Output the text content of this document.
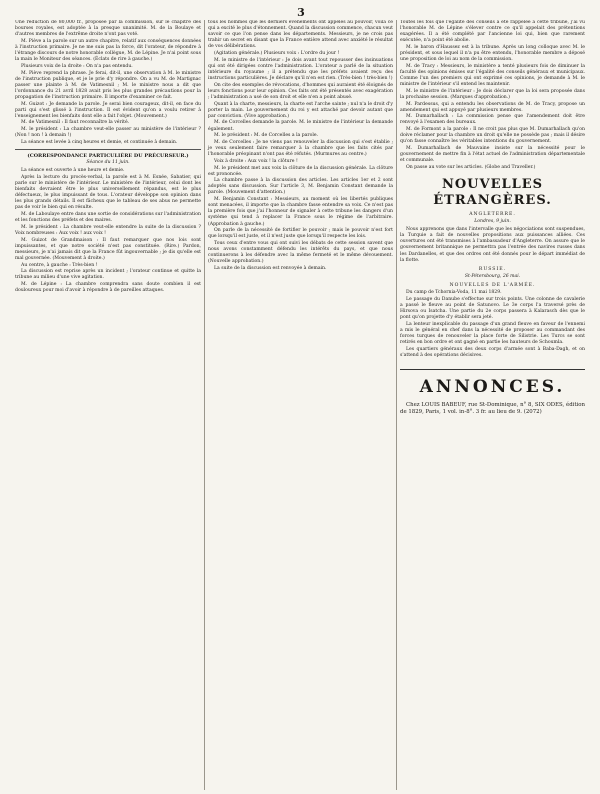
3

Une réduction de 80,000 fr., proposée par la commission, sur le chapitre des bourses royales, est adoptée à la presque unanimité. M. de la Boulaye et d'autres membres de l'extrême droite n'ont pas voté.

M. Piève a la parole sur un autre chapitre, relatif aux conséquences données à l'instruction primaire. Je ne me suis pas la force, dit l'orateur, de répondre à l'étrange discours de notre honorable collègue, M. de Lépine. Je n'ai point sous la main le Moniteur des séances. (Éclats de rire à gauche.)

Plusieurs voix de la droite : On n'a pas entendu.

M. Piève reprend la phrase. Je ferai, dit-il, une observation à M. le ministre de l'instruction publique, et je le prie d'y répondre. On a vu M. de Martignac passer une plainte à M. de Vatimesnil ; M. le ministre nous a dit que l'ordonnance du 21 avril 1828 avait pris les plus grandes précautions pour la propagation de l'instruction primaire. Il importe d'examiner ce fait.

M. Guizot : Je demande la parole. Je serai bien courageux, dit-il, en face du parti qui s'est glissé à l'instruction. Il est évident qu'on a voulu retirer à l'enseignement les bienfaits dont elle a fait l'objet. (Mouvement.)

M. de Vatimesnil : Il faut reconnaître la vérité.

M. le président : La chambre veut-elle passer au ministère de l'intérieur ? (Non ! non ! à demain !)

La séance est levée à cinq heures et demie, et continuée à demain.

(CORRESPONDANCE PARTICULIÈRE DU PRÉCURSEUR.)
Séance du 11 juin.

La séance est ouverte à une heure et demie.

Après la lecture du procès-verbal, la parole est à M. Esnée, Sabatier, qui parle sur le ministère de l'intérieur. Le ministère de l'intérieur, celui dont les bienfaits devraient être le plus universellement répandus, est le plus défectueux, le plus impuissant de tous. L'orateur développe son opinion dans les plus grands détails. Il est fâcheux que le tableau de ses abus ne permette pas de voir le bien qui en résulte.

M. de Laboulaye entre dans une sortie de considérations sur l'administration et les fonctions des préfets et des maires.

M. le président : La chambre veut-elle entendre la suite de la discussion ? Voix nombreuses : Aux voix ! aux voix !

M. Guizot de Grandmaison : Il faut remarquer que nos lois sont impuissantes, et que notre société n'est pas constituée. (Rire.) Pardon, messieurs, je n'ai jamais dit que la France fût ingouvernable ; je dis qu'elle est mal gouvernée. (Mouvement à droite.)

Au centre, à gauche : Très-bien !

La discussion est reprise après un incident ; l'orateur continue et quitte la tribune au milieu d'une vive agitation.

M. de Lépine : La chambre comprendra sans doute combien il est douloureux pour moi d'avoir à répondre à de pareilles attaques.

tous les hommes que les derniers événements ont appelés au pouvoir, voilà ce qui a excité le plus d'étonnement. Quand la discussion commence, chacun veut savoir ce que l'on pense dans les départements. Messieurs, je ne crois pas trahir un secret en disant que la France entière attend avec anxiété le résultat de vos délibérations.

(Agitation générale.) Plusieurs voix : L'ordre du jour !

M. le ministre de l'intérieur : Je dois avant tout repousser des insinuations qui ont été dirigées contre l'administration. L'orateur a parlé de la situation intérieure du royaume ; il a prétendu que les préfets avaient reçu des instructions particulières. Je déclare qu'il n'en est rien. (Très-bien ! très-bien !)

On cite des exemples de révocations, d'hommes qui auraient été éloignés de leurs fonctions pour leur opinion. Ces faits ont été présentés avec exagération ; l'administration a usé de son droit et elle n'en a point abusé.

Quant à la charte, messieurs, la charte est l'arche sainte ; nul n'a le droit d'y porter la main. Le gouvernement du roi y est attaché par devoir autant que par conviction. (Vive approbation.)

M. de Corcelles demande la parole. M. le ministre de l'intérieur la demande également.

M. le président : M. de Corcelles a la parole.

M. de Corcelles : Je ne viens pas renouveler la discussion qui s'est établie ; je veux seulement faire remarquer à la chambre que les faits cités par l'honorable préopinant n'ont pas été réfutés. (Murmures au centre.)

Voix à droite : Aux voix ! la clôture !

M. le président met aux voix la clôture de la discussion générale. La clôture est prononcée.

La chambre passe à la discussion des articles. Les articles 1er et 2 sont adoptés sans discussion. Sur l'article 3, M. Benjamin Constant demande la parole. (Mouvement d'attention.)

M. Benjamin Constant : Messieurs, au moment où les libertés publiques sont menacées, il importe que la chambre fasse entendre sa voix. Ce n'est pas la première fois que j'ai l'honneur de signaler à cette tribune les dangers d'un système qui tend à replacer la France sous le régime de l'arbitraire. (Approbation à gauche.)

On parle de la nécessité de fortifier le pouvoir ; mais le pouvoir n'est fort que lorsqu'il est juste, et il n'est juste que lorsqu'il respecte les lois.

Tous ceux d'entre vous qui ont suivi les débats de cette session savent que nous avons constamment défendu les intérêts du pays, et que nous continuerons à les défendre avec la même fermeté et le même dévouement. (Nouvelle approbation.)

La suite de la discussion est renvoyée à demain.

Toutes les fois que l'égalité des conseils a été rappelée à cette tribune, j'ai vu l'honorable M. de Lépine s'élever contre ce qu'il appelait des prétentions exagérées. Il a été complété par l'ancienne loi qui, bien que rarement exécutée, n'a point été abolie.

M. le baron d'Haussez est à la tribune. Après un long colloque avec M. le président, et sous lequel il n'a pu être entendu, l'honorable membre a déposé une proposition de loi au nom de la commission.

M. de Tracy : Messieurs, le ministère a tenté plusieurs fois de diminuer la faculté des opinions émises sur l'égalité des conseils généraux et municipaux. Comme l'un des premiers qui ont exprimé ces opinions, je demande à M. le ministre de l'intérieur s'il entend les maintenir.

M. le ministre de l'intérieur : Je dois déclarer que la loi sera proposée dans la prochaine session. (Marques d'approbation.)

M. Pardessus, qui a entendu les observations de M. de Tracy, propose un amendement qui est appuyé par plusieurs membres.

M. Dumarhallach : La commission pense que l'amendement doit être renvoyé à l'examen des bureaux.

M. de Formont a la parole : Il ne croit pas plus que M. Dumarhallach qu'on doive réclamer pour la chambre un droit qu'elle ne possède pas ; mais il désire qu'on fasse connaître les véritables intentions du gouvernement.

M. Dumarhallach de Mauvaine insiste sur la nécessité pour le gouvernement de mettre fin à l'état actuel de l'administration départementale et communale.

On passe au vote sur les articles. (Globe and Traveller.)

NOUVELLES ÉTRANGÈRES.
ANGLETERRE.
Londres, 9 juin.

Nous apprenons que dans l'intervalle que les négociations sont suspendues, la Turquie a fait de nouvelles propositions aux puissances alliées. Ces ouvertures ont été transmises à l'ambassadeur d'Angleterre. On assure que le gouvernement britannique ne permettra pas l'entrée des navires russes dans les Dardanelles, et que des ordres ont été donnés pour le départ immédiat de la flotte.

RUSSIE.
St-Pétersbourg, 26 mai.
NOUVELLES DE L'ARMÉE.

Du camp de Tchornia-Voda, 11 mai 1829.

Le passage du Danube s'effectue sur trois points. Une colonne de cavalerie a passé le fleuve au point de Satunovo. Le 3e corps l'a traversé près de Hirsova ou Isatcha. Une partie du 2e corps passera à Kalarasch dès que le pont qu'on projette d'y établir sera jeté.

La lenteur inexplicable du passage d'un grand fleuve en faveur de l'ennemi a mis le général en chef dans la nécessité de proposer au commandant des forces turques de renouveler la place forte de Silistrie. Les Turcs se sont retirés en bon ordre et ont gagné en partie les hauteurs de Schoumla.

Les quartiers généraux des deux corps d'armée sont à Baba-Dagh, et on s'attend à des opérations décisives.

ANNONCES.

Chez LOUIS BABEUF, rue St-Dominique, n° 8, SIX ODES, édition de 1829, Paris, 1 vol. in-8°. 3 fr. au lieu de 9. (2072)
